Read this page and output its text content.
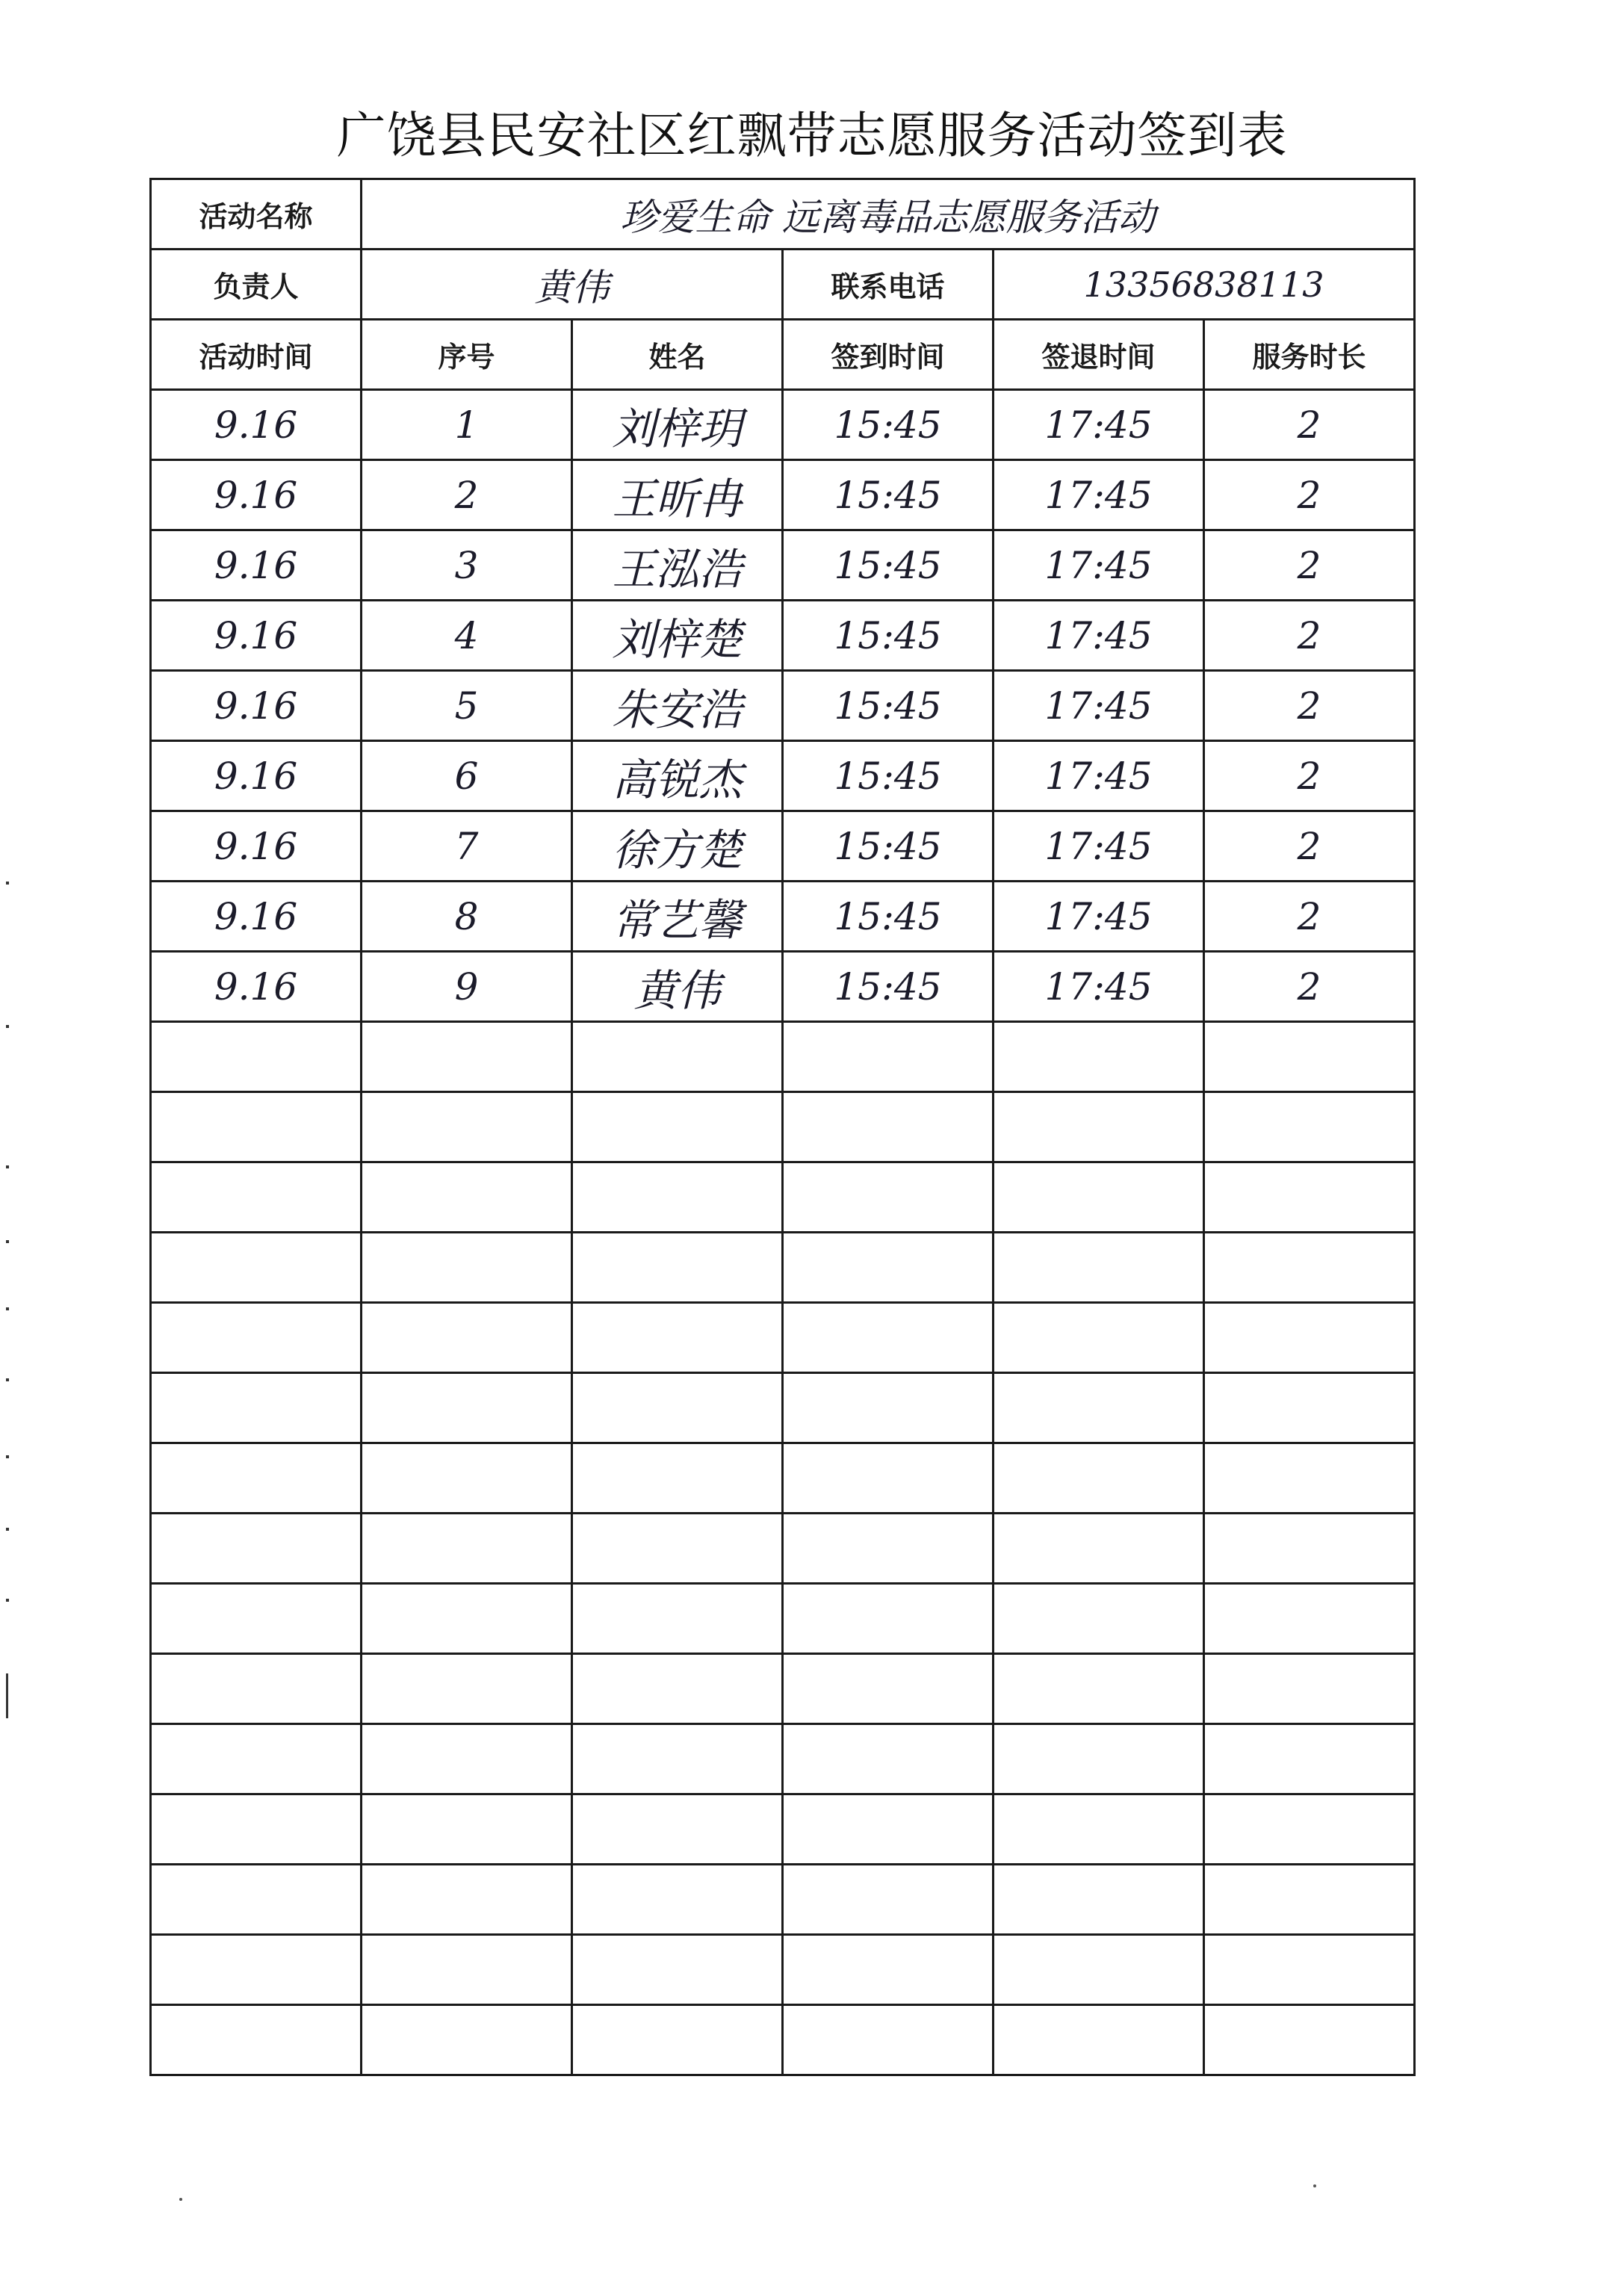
广饶县民安社区红飘带志愿服务活动签到表
活动名称	珍爱生命 远离毒品志愿服务活动				
负责人	黄伟		联系电话	13356838113	
活动时间	序号	姓名	签到时间	签退时间	服务时长
9.16	1	刘梓玥	15:45	17:45	2
9.16	2	王昕冉	15:45	17:45	2
9.16	3	王泓浩	15:45	17:45	2
9.16	4	刘梓楚	15:45	17:45	2
9.16	5	朱安浩	15:45	17:45	2
9.16	6	高锐杰	15:45	17:45	2
9.16	7	徐方楚	15:45	17:45	2
9.16	8	常艺馨	15:45	17:45	2
9.16	9	黄伟	15:45	17:45	2
